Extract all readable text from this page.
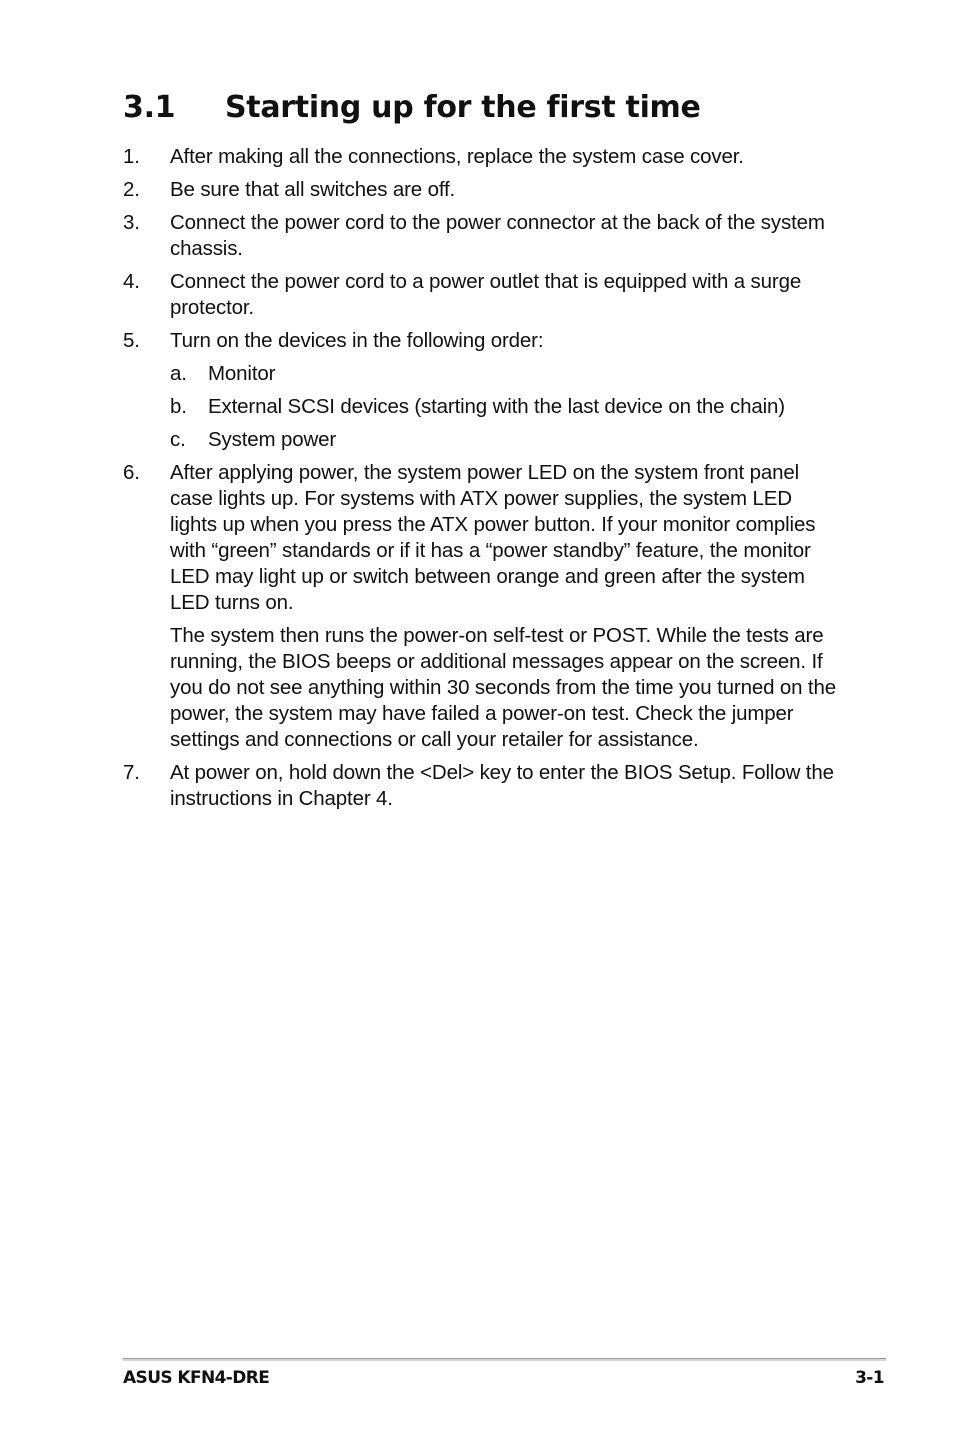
3.1 Starting up for the first time
1. After making all the connections, replace the system case cover.
2. Be sure that all switches are off.
3. Connect the power cord to the power connector at the back of the system chassis.
4. Connect the power cord to a power outlet that is equipped with a surge protector.
5. Turn on the devices in the following order:
a. Monitor
b. External SCSI devices (starting with the last device on the chain)
c. System power
6. After applying power, the system power LED on the system front panel case lights up. For systems with ATX power supplies, the system LED lights up when you press the ATX power button. If your monitor complies with “green” standards or if it has a “power standby” feature, the monitor LED may light up or switch between orange and green after the system LED turns on.
The system then runs the power-on self-test or POST. While the tests are running, the BIOS beeps or additional messages appear on the screen. If you do not see anything within 30 seconds from the time you turned on the power, the system may have failed a power-on test. Check the jumper settings and connections or call your retailer for assistance.
7. At power on, hold down the <Del> key to enter the BIOS Setup. Follow the instructions in Chapter 4.
ASUS KFN4-DRE	3-1
